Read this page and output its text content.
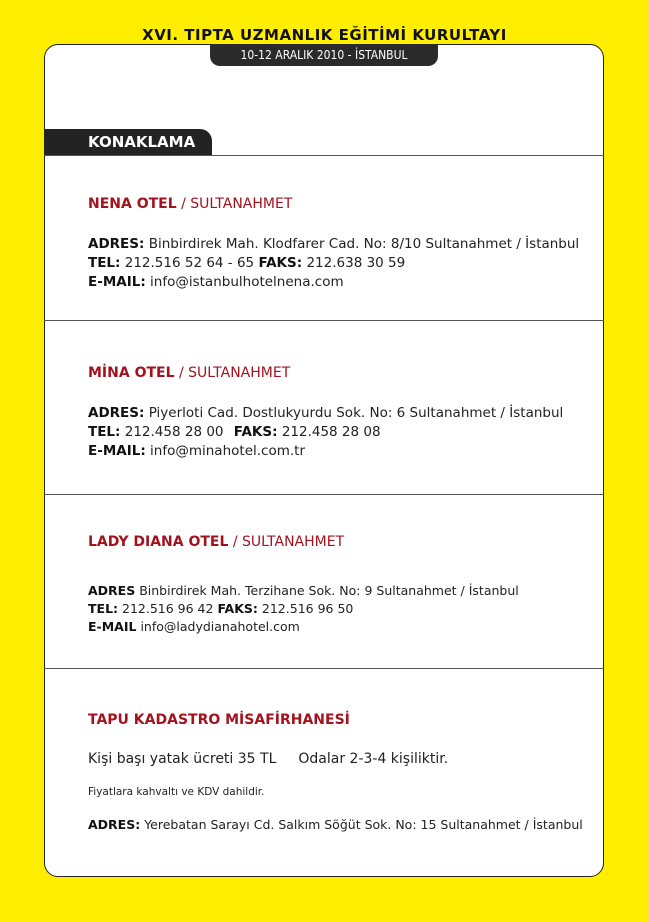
XVI. TIPTA UZMANLIK EĞİTİMİ KURULTAYI
10-12 ARALIK 2010 - İSTANBUL
KONAKLAMA
NENA OTEL / SULTANAHMET
ADRES: Binbirdirek Mah. Klodfarer Cad. No: 8/10 Sultanahmet / İstanbul
TEL: 212.516 52 64 - 65 FAKS: 212.638 30 59
E-MAIL: info@istanbulhotelnena.com
MİNA OTEL / SULTANAHMET
ADRES: Piyerloti Cad. Dostlukyurdu Sok. No: 6 Sultanahmet / İstanbul
TEL: 212.458 28 00 FAKS: 212.458 28 08
E-MAIL: info@minahotel.com.tr
LADY DIANA OTEL / SULTANAHMET
ADRES Binbirdirek Mah. Terzihane Sok. No: 9 Sultanahmet / İstanbul
TEL: 212.516 96 42 FAKS: 212.516 96 50
E-MAIL info@ladydianahotel.com
TAPU KADASTRO MİSAFİRHANESİ
Kişi başı yatak ücreti 35 TL Odalar 2-3-4 kişiliktir.
Fiyatlara kahvaltı ve KDV dahildir.
ADRES: Yerebatan Sarayı Cd. Salkım Söğüt Sok. No: 15 Sultanahmet / İstanbul
